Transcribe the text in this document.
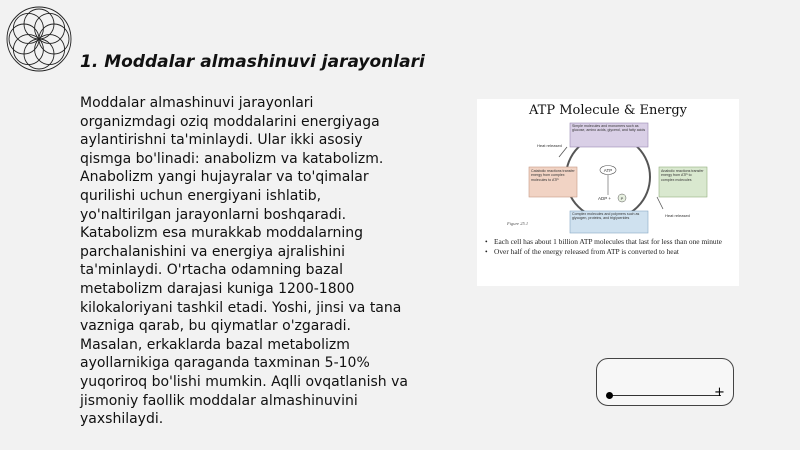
1. Moddalar almashinuvi jarayonlari
Moddalar almashinuvi jarayonlari organizmdagi oziq moddalarini energiyaga aylantirishni ta'minlaydi. Ular ikki asosiy qismga bo'linadi: anabolizm va katabolizm. Anabolizm yangi hujayralar va to'qimalar qurilishi uchun energiyani ishlatib, yo'naltirilgan jarayonlarni boshqaradi. Katabolizm esa murakkab moddalarning parchalanishini va energiya ajralishini ta'minlaydi. O'rtacha odamning bazal metabolizm darajasi kuniga 1200-1800 kilokaloriyani tashkil etadi. Yoshi, jinsi va tana vazniga qarab, bu qiymatlar o'zgaradi. Masalan, erkaklarda bazal metabolizm ayollarnikiga qaraganda taxminan 5-10% yuqoriroq bo'lishi mumkin. Aqlli ovqatlanish va jismoniy faollik moddalar almashinuvini yaxshilaydi.
ATP Molecule & Energy
Simple molecules and monomers such as glucose, amino acids, glycerol, and fatty acids
Catabolic reactions transfer energy from complex molecules to ATP
Anabolic reactions transfer energy from ATP to complex molecules
Complex molecules and polymers such as glycogen, proteins, and triglycerides
ATP
ADP + P
Heat released
Heat released
Figure 25.1
• Each cell has about 1 billion ATP molecules that last for less than one minute
• Over half of the energy released from ATP is converted to heat
+
